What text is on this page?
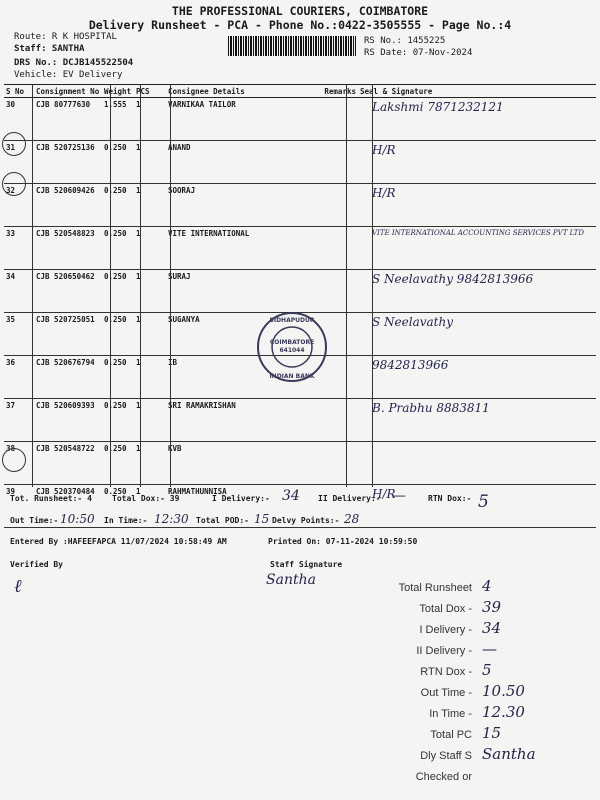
THE PROFESSIONAL COURIERS, COIMBATORE
Delivery Runsheet - PCA - Phone No.:0422-3505555 - Page No.:4
Route: R K HOSPITAL
Staff: SANTHA
DRS No.: DCJB145522504
Vehicle: EV Delivery
RS No.: 1455225
RS Date: 07-Nov-2024
S No	Consignment No	Weight	PCS	Consignee Details	Remarks	Seal & Signature
30	CJB 80777630	1.555	1	VARNIKAA TAILOR		Lakshmi 7871232121
31	CJB 520725136	0.250	1	ANAND		H/R
32	CJB 520609426	0.250	1	SOORAJ		H/R
33	CJB 520548823	0.250	1	VITE INTERNATIONAL		VITE INTERNATIONAL ACCOUNTING SERVICES PVT LTD
34	CJB 520650462	0.250	1	SURAJ		S Neelavathy 9842813966
35	CJB 520725051	0.250	1	SUGANYA		S Neelavathy
36	CJB 520676794	0.250	1	IB		9842813966
37	CJB 520609393	0.250	1	SRI RAMAKRISHAN		B. Prabhu 8883811
38	CJB 520548722	0.250	1	KVB		
39	CJB 520370484	0.250	1	RAHMATHUNNISA		H/R
COIMBATORE
641044
SIDHAPUDUR
INDIAN BANK
Tot. Runsheet:- 4	Total Dox:- 39	I Delivery:- 34 II Delivery:- —	RTN Dox:- 5
Out Time:- 10:50 In Time:- 12:30 Total POD:- 15 Delvy Points:- 28
Entered By :HAFEEFAPCA 11/07/2024 10:58:49 AM	Printed On: 07-11-2024 10:59:50
Verified By
ℓ
Staff Signature
Santha	Total Runsheet 4
Total Dox - 39
I Delivery - 34
II Delivery - —
RTN Dox - 5
Out Time - 10.50
In Time - 12.30
Total PC 15
Dly Staff S Santha
Checked or
